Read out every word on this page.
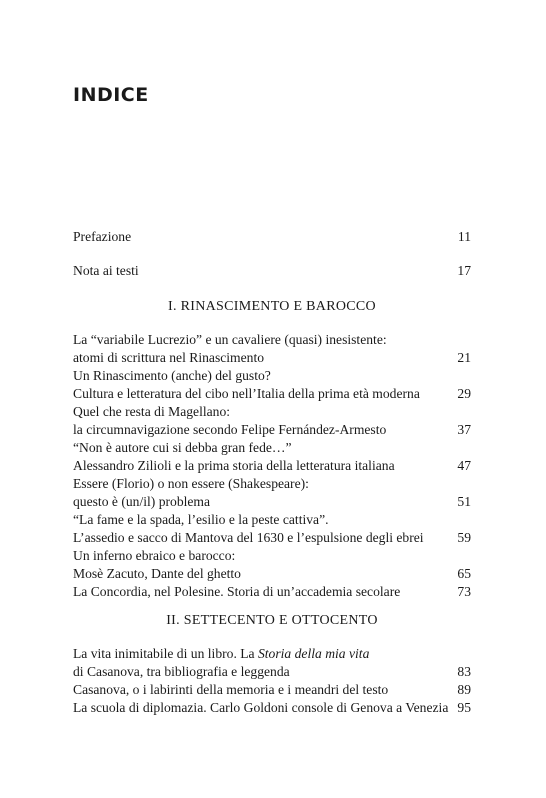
INDICE
Prefazione	11
Nota ai testi	17
I. RINASCIMENTO E BAROCCO
La “variabile Lucrezio” e un cavaliere (quasi) inesistente:
atomi di scrittura nel Rinascimento	21
Un Rinascimento (anche) del gusto?
Cultura e letteratura del cibo nell’Italia della prima età moderna	29
Quel che resta di Magellano:
la circumnavigazione secondo Felipe Fernández-Armesto	37
“Non è autore cui si debba gran fede…”
Alessandro Zilioli e la prima storia della letteratura italiana	47
Essere (Florio) o non essere (Shakespeare):
questo è (un/il) problema	51
“La fame e la spada, l’esilio e la peste cattiva”.
L’assedio e sacco di Mantova del 1630 e l’espulsione degli ebrei 59
Un inferno ebraico e barocco:
Mosè Zacuto, Dante del ghetto	65
La Concordia, nel Polesine. Storia di un’accademia secolare	73
II. SETTECENTO E OTTOCENTO
La vita inimitabile di un libro. La Storia della mia vita
di Casanova, tra bibliografia e leggenda	83
Casanova, o i labirinti della memoria e i meandri del testo	89
La scuola di diplomazia. Carlo Goldoni console di Genova a Venezia 95
